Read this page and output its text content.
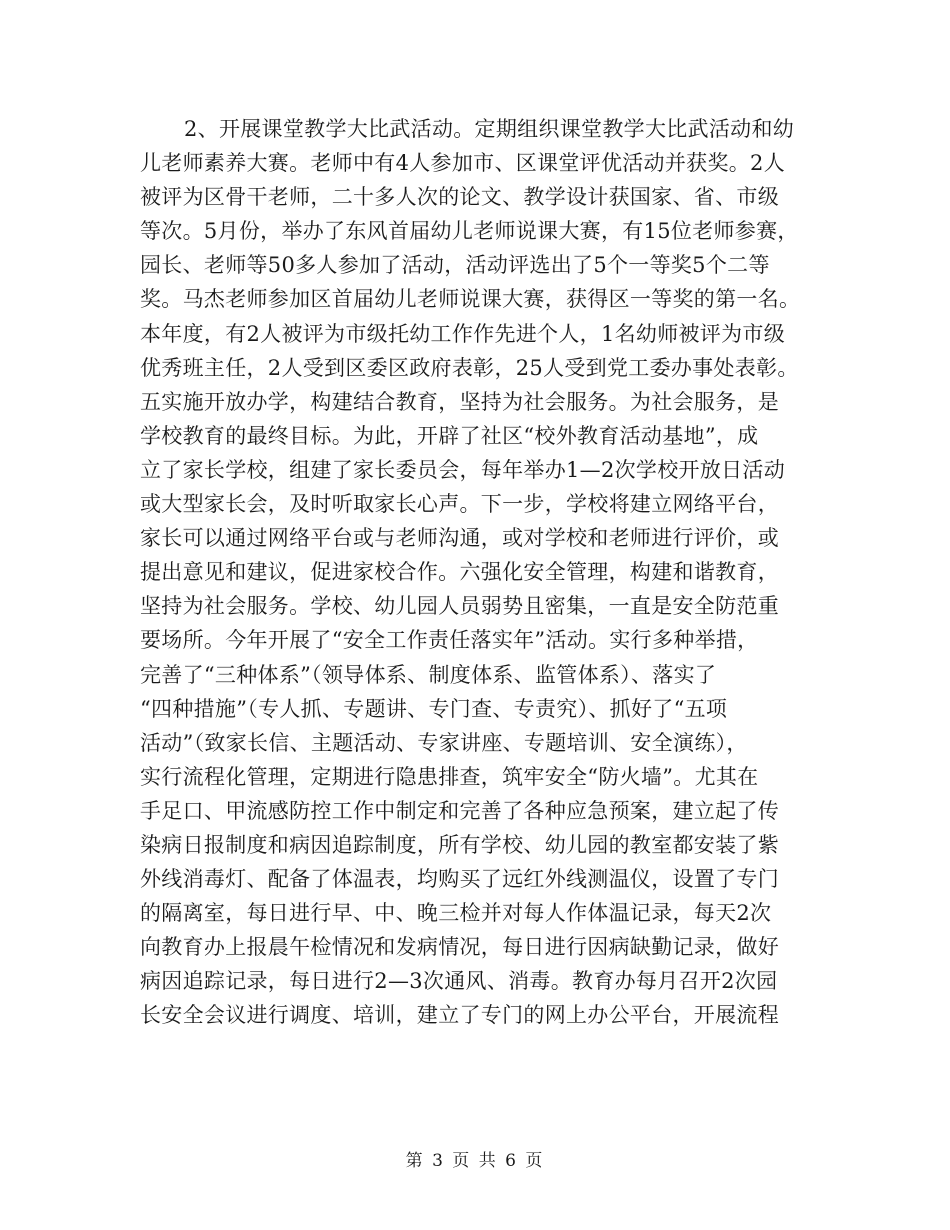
2、开展课堂教学大比武活动。定期组织课堂教学大比武活动和幼
儿老师素养大赛。老师中有4人参加市、区课堂评优活动并获奖。2人
被评为区骨干老师，二十多人次的论文、教学设计获国家、省、市级
等次。5月份，举办了东风首届幼儿老师说课大赛，有15位老师参赛，
园长、老师等50多人参加了活动，活动评选出了5个一等奖5个二等
奖。马杰老师参加区首届幼儿老师说课大赛，获得区一等奖的第一名。
本年度，有2人被评为市级托幼工作作先进个人，1名幼师被评为市级
优秀班主任，2人受到区委区政府表彰，25人受到党工委办事处表彰。
五实施开放办学，构建结合教育，坚持为社会服务。为社会服务，是
学校教育的最终目标。为此，开辟了社区“校外教育活动基地”，成
立了家长学校，组建了家长委员会，每年举办1—2次学校开放日活动
或大型家长会，及时听取家长心声。下一步，学校将建立网络平台，
家长可以通过网络平台或与老师沟通，或对学校和老师进行评价，或
提出意见和建议，促进家校合作。六强化安全管理，构建和谐教育，
坚持为社会服务。学校、幼儿园人员弱势且密集，一直是安全防范重
要场所。今年开展了“安全工作责任落实年”活动。实行多种举措，
完善了“三种体系”（领导体系、制度体系、监管体系）、落实了
“四种措施”（专人抓、专题讲、专门查、专责究）、抓好了“五项
活动”（致家长信、主题活动、专家讲座、专题培训、安全演练），
实行流程化管理，定期进行隐患排查，筑牢安全“防火墙”。尤其在
手足口、甲流感防控工作中制定和完善了各种应急预案，建立起了传
染病日报制度和病因追踪制度，所有学校、幼儿园的教室都安装了紫
外线消毒灯、配备了体温表，均购买了远红外线测温仪，设置了专门
的隔离室，每日进行早、中、晚三检并对每人作体温记录，每天2次
向教育办上报晨午检情况和发病情况，每日进行因病缺勤记录，做好
病因追踪记录，每日进行2—3次通风、消毒。教育办每月召开2次园
长安全会议进行调度、培训，建立了专门的网上办公平台，开展流程
第 3 页 共 6 页
